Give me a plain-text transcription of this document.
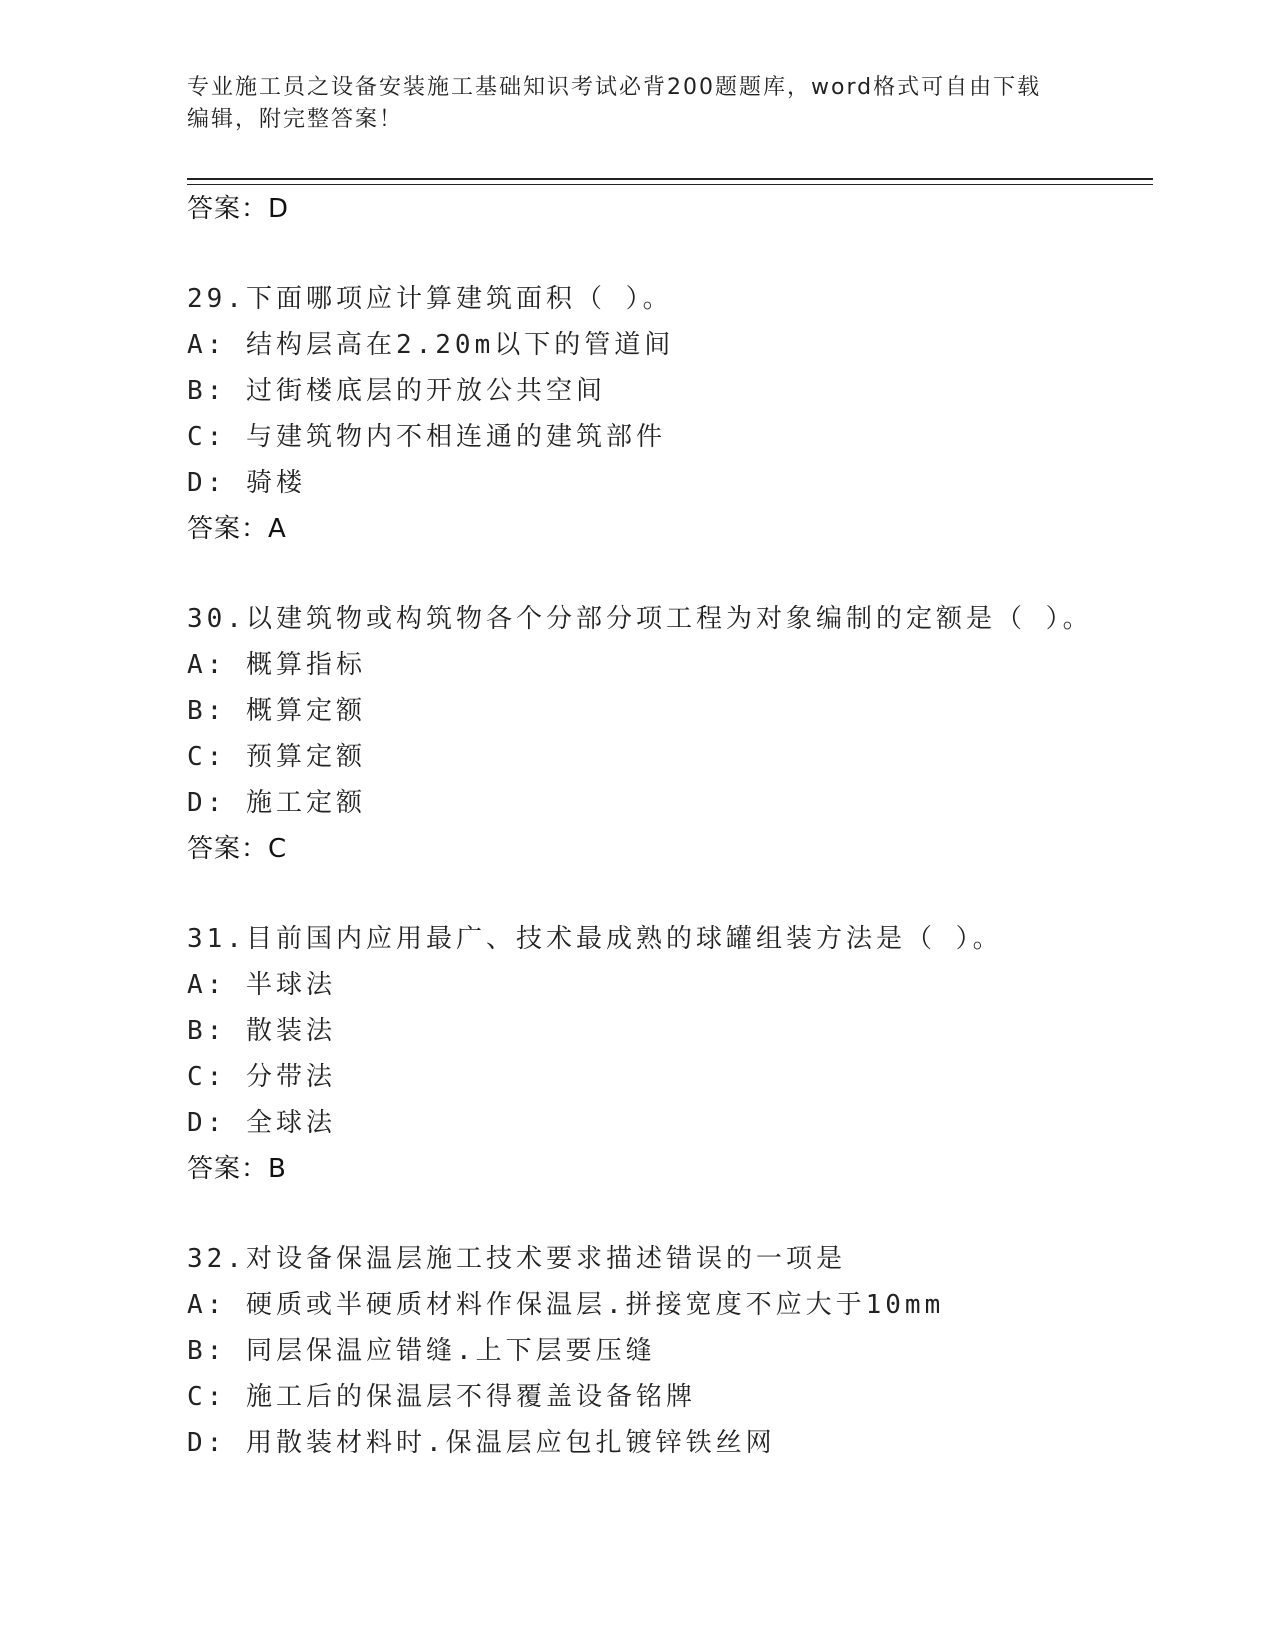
专业施工员之设备安装施工基础知识考试必背200题题库，word格式可自由下载
编辑，附完整答案！
答案：D
29.下面哪项应计算建筑面积（ ）。
A: 结构层高在2.20m以下的管道间
B: 过街楼底层的开放公共空间
C: 与建筑物内不相连通的建筑部件
D: 骑楼
答案：A
30.以建筑物或构筑物各个分部分项工程为对象编制的定额是（ ）。
A: 概算指标
B: 概算定额
C: 预算定额
D: 施工定额
答案：C
31.目前国内应用最广、技术最成熟的球罐组装方法是（ ）。
A: 半球法
B: 散装法
C: 分带法
D: 全球法
答案：B
32.对设备保温层施工技术要求描述错误的一项是
A: 硬质或半硬质材料作保温层.拼接宽度不应大于10mm
B: 同层保温应错缝.上下层要压缝
C: 施工后的保温层不得覆盖设备铭牌
D: 用散装材料时.保温层应包扎镀锌铁丝网
